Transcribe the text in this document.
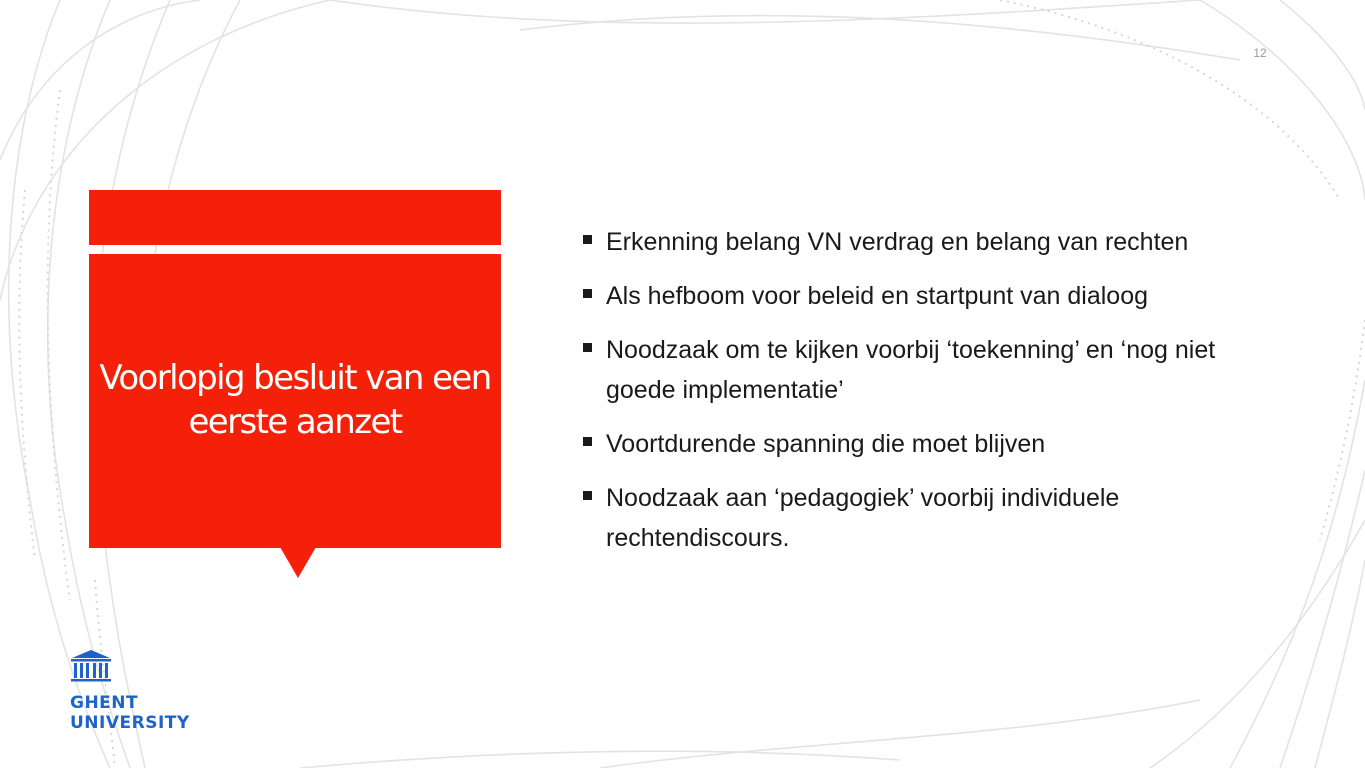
12
Voorlopig besluit van een eerste aanzet
Erkenning belang VN verdrag en belang van rechten
Als hefboom voor beleid en startpunt van dialoog
Noodzaak om te kijken voorbij ‘toekenning’ en ‘nog niet goede implementatie’
Voortdurende spanning die moet blijven
Noodzaak aan ‘pedagogiek’ voorbij individuele rechtendiscours.
GHENT
UNIVERSITY
